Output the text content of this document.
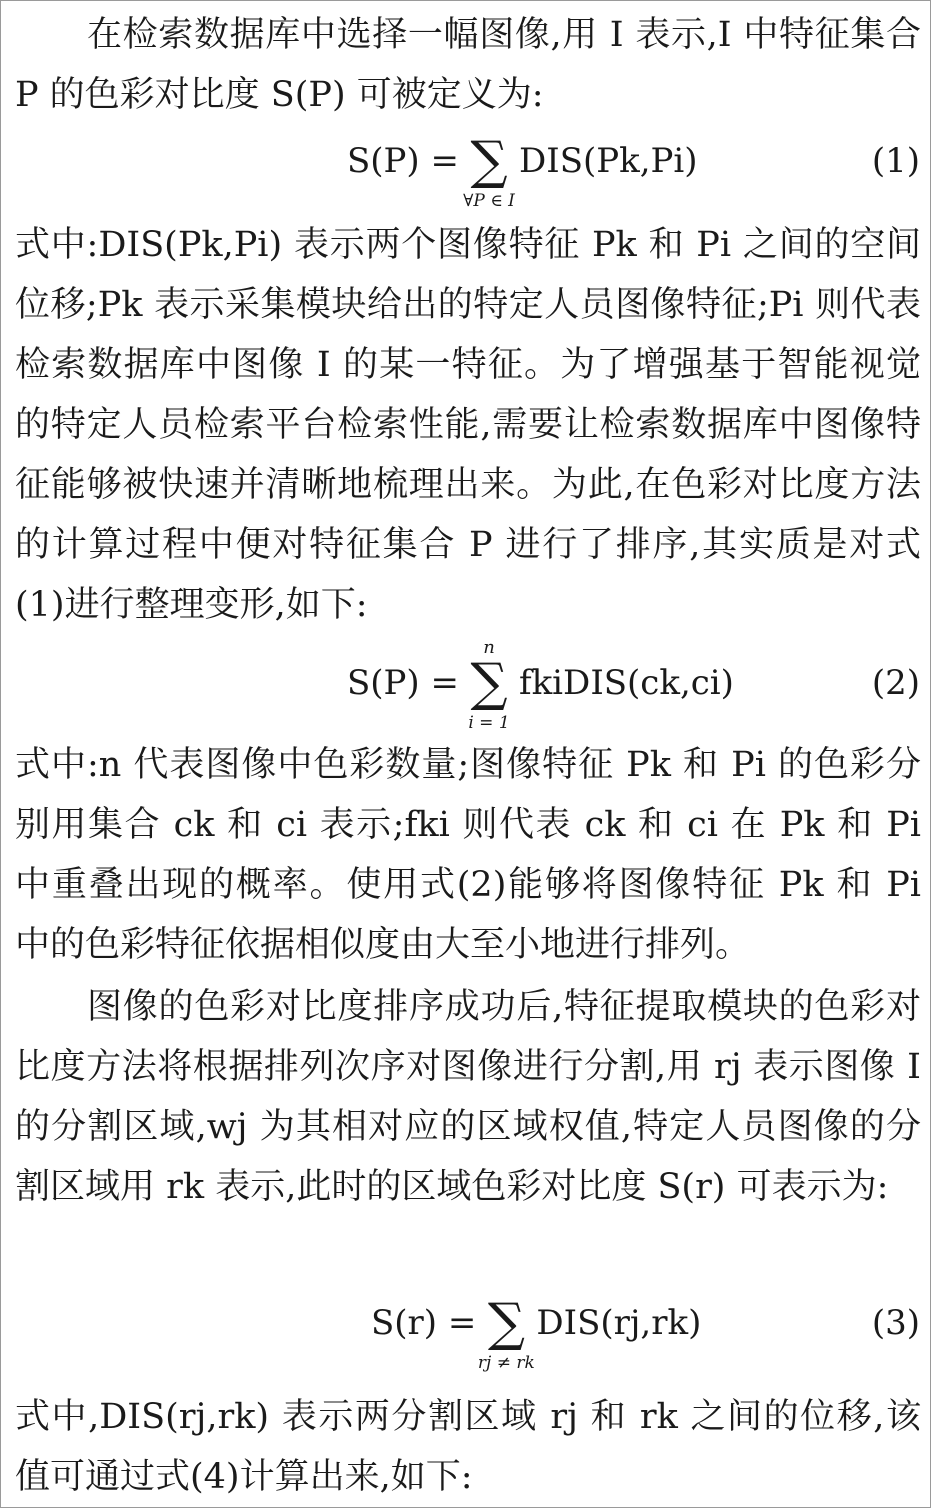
在检索数据库中选择一幅图像,用 I 表示,I 中特征集合 P 的色彩对比度 S(P) 可被定义为:
S(P) = ∑
∀P ∈ I
DIS(Pk,Pi)	(1)
式中:DIS(Pk,Pi) 表示两个图像特征 Pk 和 Pi 之间的空间位移;Pk 表示采集模块给出的特定人员图像特征;Pi 则代表检索数据库中图像 I 的某一特征。为了增强基于智能视觉的特定人员检索平台检索性能,需要让检索数据库中图像特征能够被快速并清晰地梳理出来。为此,在色彩对比度方法的计算过程中便对特征集合 P 进行了排序,其实质是对式(1)进行整理变形,如下:
S(P) =
n
∑
i = 1
fkiDIS(ck,ci)	(2)
式中:n 代表图像中色彩数量;图像特征 Pk 和 Pi 的色彩分别用集合 ck 和 ci 表示;fki 则代表 ck 和 ci 在 Pk 和 Pi 中重叠出现的概率。使用式(2)能够将图像特征 Pk 和 Pi 中的色彩特征依据相似度由大至小地进行排列。
图像的色彩对比度排序成功后,特征提取模块的色彩对比度方法将根据排列次序对图像进行分割,用 rj 表示图像 I 的分割区域,wj 为其相对应的区域权值,特定人员图像的分割区域用 rk 表示,此时的区域色彩对比度 S(r) 可表示为:
S(r) = ∑
rj ≠ rk
DIS(rj,rk)	(3)
式中,DIS(rj,rk) 表示两分割区域 rj 和 rk 之间的位移,该值可通过式(4)计算出来,如下:
